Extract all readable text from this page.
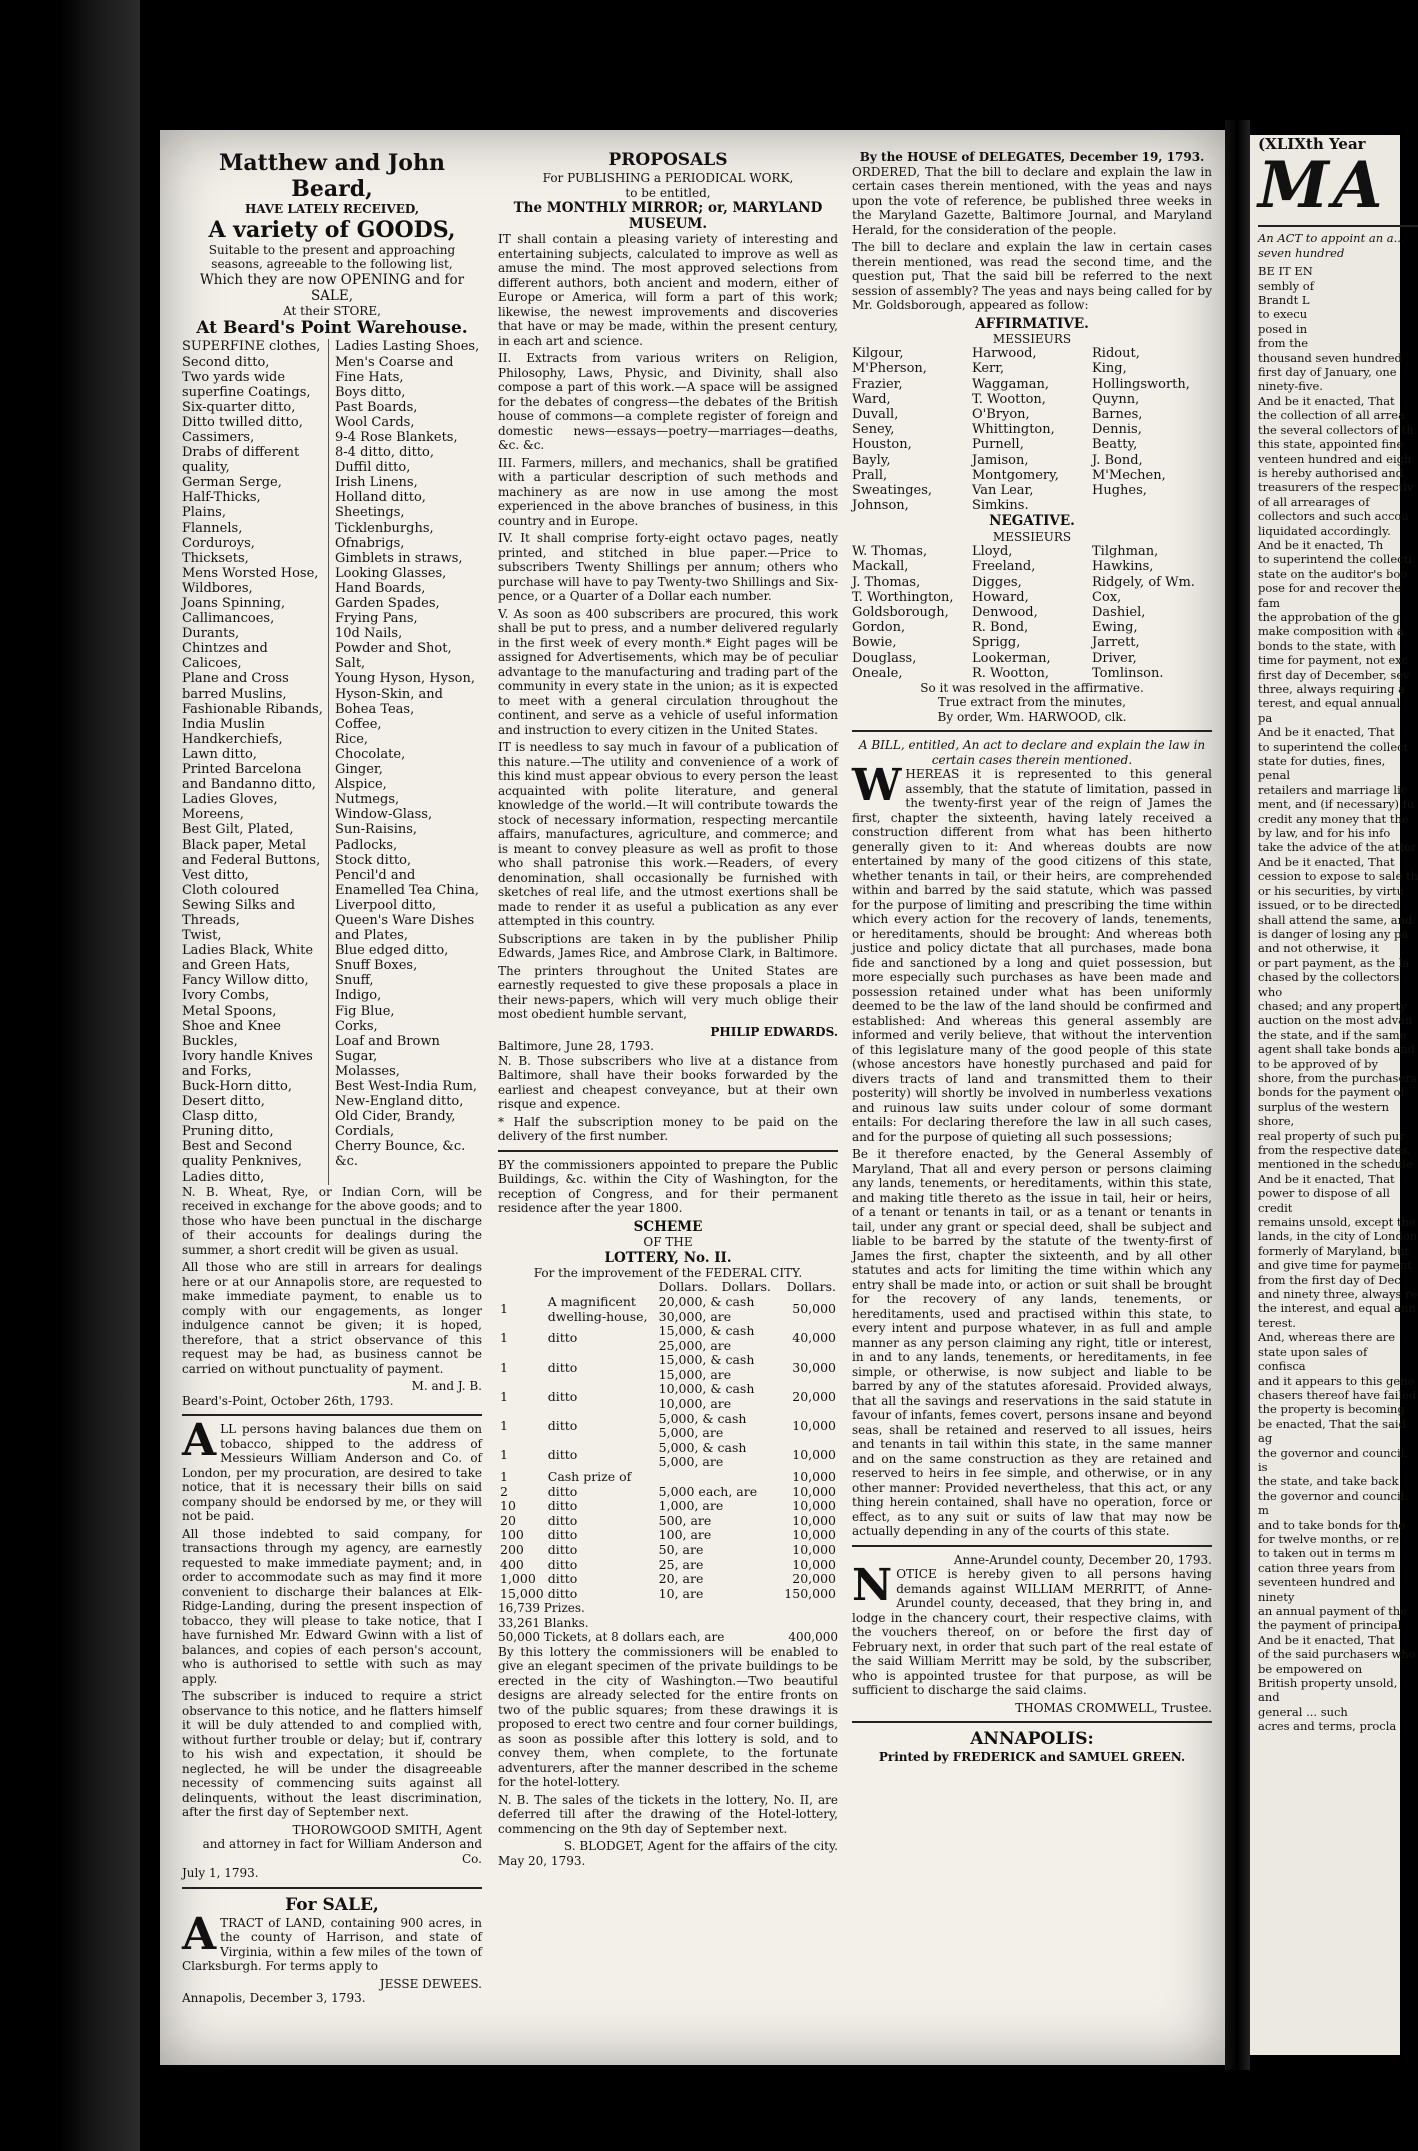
Matthew and John Beard,
HAVE LATELY RECEIVED,
A variety of GOODS,
Suitable to the present and approaching seasons, agreeable to the following list,
Which they are now OPENING and for SALE,
At their STORE,
At Beard's Point Warehouse.
SUPERFINE clothes,
Second ditto,
Two yards wide superfine Coatings,
Six-quarter ditto,
Ditto twilled ditto,
Cassimers,
Drabs of different quality,
German Serge,
Half-Thicks,
Plains,
Flannels,
Corduroys,
Thicksets,
Mens Worsted Hose,
Wildbores,
Joans Spinning,
Callimancoes,
Durants,
Chintzes and Calicoes,
Plane and Cross barred Muslins,
Fashionable Ribands,
India Muslin Handkerchiefs,
Lawn ditto,
Printed Barcelona and Bandanno ditto,
Ladies Gloves,
Moreens,
Best Gilt, Plated, Black paper, Metal and Federal Buttons,
Vest ditto,
Cloth coloured Sewing Silks and Threads,
Twist,
Ladies Black, White and Green Hats,
Fancy Willow ditto,
Ivory Combs,
Metal Spoons,
Shoe and Knee Buckles,
Ivory handle Knives and Forks,
Buck-Horn ditto,
Desert ditto,
Clasp ditto,
Pruning ditto,
Best and Second quality Penknives,
Ladies ditto,
Ladies Lasting Shoes,
Men's Coarse and Fine Hats,
Boys ditto,
Past Boards,
Wool Cards,
9-4 Rose Blankets,
8-4 ditto, ditto,
Duffil ditto,
Irish Linens,
Holland ditto,
Sheetings,
Ticklenburghs,
Ofnabrigs,
Gimblets in straws,
Looking Glasses,
Hand Boards,
Garden Spades,
Frying Pans,
10d Nails,
Powder and Shot,
Salt,
Young Hyson, Hyson, Hyson-Skin, and Bohea Teas,
Coffee,
Rice,
Chocolate,
Ginger,
Alspice,
Nutmegs,
Window-Glass,
Sun-Raisins,
Padlocks,
Stock ditto,
Pencil'd and Enamelled Tea China,
Liverpool ditto,
Queen's Ware Dishes and Plates,
Blue edged ditto,
Snuff Boxes,
Snuff,
Indigo,
Fig Blue,
Corks,
Loaf and Brown Sugar,
Molasses,
Best West-India Rum,
New-England ditto,
Old Cider, Brandy,
Cordials,
Cherry Bounce, &c. &c.

N. B. Wheat, Rye, or Indian Corn, will be received in exchange for the above goods; and to those who have been punctual in the discharge of their accounts for dealings during the summer, a short credit will be given as usual.

All those who are still in arrears for dealings here or at our Annapolis store, are requested to make immediate payment, to enable us to comply with our engagements, as longer indulgence cannot be given; it is hoped, therefore, that a strict observance of this request may be had, as business cannot be carried on without punctuality of payment.

M. and J. B.
Beard's-Point, October 26th, 1793.
A LL persons having balances due them on tobacco, shipped to the address of Messieurs William Anderson and Co. of London, per my procuration, are desired to take notice, that it is necessary their bills on said company should be endorsed by me, or they will not be paid.

All those indebted to said company, for transactions through my agency, are earnestly requested to make immediate payment; and, in order to accommodate such as may find it more convenient to discharge their balances at Elk-Ridge-Landing, during the present inspection of tobacco, they will please to take notice, that I have furnished Mr. Edward Gwinn with a list of balances, and copies of each person's account, who is authorised to settle with such as may apply.

The subscriber is induced to require a strict observance to this notice, and he flatters himself it will be duly attended to and complied with, without further trouble or delay; but if, contrary to his wish and expectation, it should be neglected, he will be under the disagreeable necessity of commencing suits against all delinquents, without the least discrimination, after the first day of September next.

THOROWGOOD SMITH, Agent
and attorney in fact for William Anderson and Co.
July 1, 1793.
For SALE,
A TRACT of LAND, containing 900 acres, in the county of Harrison, and state of Virginia, within a few miles of the town of Clarksburgh. For terms apply to

JESSE DEWEES.
Annapolis, December 3, 1793.
PROPOSALS
For PUBLISHING a PERIODICAL WORK,
to be entitled,
The MONTHLY MIRROR; or, MARYLAND MUSEUM.

IT shall contain a pleasing variety of interesting and entertaining subjects, calculated to improve as well as amuse the mind. The most approved selections from different authors, both ancient and modern, either of Europe or America, will form a part of this work; likewise, the newest improvements and discoveries that have or may be made, within the present century, in each art and science.

II. Extracts from various writers on Religion, Philosophy, Laws, Physic, and Divinity, shall also compose a part of this work.—A space will be assigned for the debates of congress—the debates of the British house of commons—a complete register of foreign and domestic news—essays—poetry—marriages—deaths, &c. &c.

III. Farmers, millers, and mechanics, shall be gratified with a particular description of such methods and machinery as are now in use among the most experienced in the above branches of business, in this country and in Europe.

IV. It shall comprise forty-eight octavo pages, neatly printed, and stitched in blue paper.—Price to subscribers Twenty Shillings per annum; others who purchase will have to pay Twenty-two Shillings and Six-pence, or a Quarter of a Dollar each number.

V. As soon as 400 subscribers are procured, this work shall be put to press, and a number delivered regularly in the first week of every month.* Eight pages will be assigned for Advertisements, which may be of peculiar advantage to the manufacturing and trading part of the community in every state in the union; as it is expected to meet with a general circulation throughout the continent, and serve as a vehicle of useful information and instruction to every citizen in the United States.

IT is needless to say much in favour of a publication of this nature.—The utility and convenience of a work of this kind must appear obvious to every person the least acquainted with polite literature, and general knowledge of the world.—It will contribute towards the stock of necessary information, respecting mercantile affairs, manufactures, agriculture, and commerce; and is meant to convey pleasure as well as profit to those who shall patronise this work.—Readers, of every denomination, shall occasionally be furnished with sketches of real life, and the utmost exertions shall be made to render it as useful a publication as any ever attempted in this country.

Subscriptions are taken in by the publisher Philip Edwards, James Rice, and Ambrose Clark, in Baltimore.

The printers throughout the United States are earnestly requested to give these proposals a place in their news-papers, which will very much oblige their most obedient humble servant,

PHILIP EDWARDS.
Baltimore, June 28, 1793.

N. B. Those subscribers who live at a distance from Baltimore, shall have their books forwarded by the earliest and cheapest conveyance, but at their own risque and expence.

* Half the subscription money to be paid on the delivery of the first number.

BY the commissioners appointed to prepare the Public Buildings, &c. within the City of Washington, for the reception of Congress, and for their permanent residence after the year 1800.

SCHEME
OF THE
LOTTERY, No. II.
For the improvement of the FEDERAL CITY.
		Dollars.	Dollars.	Dollars.
1	A magnificent dwelling-house,	20,000, & cash 30,000, are		50,000
1	ditto	15,000, & cash 25,000, are		40,000
1	ditto	15,000, & cash 15,000, are		30,000
1	ditto	10,000, & cash 10,000, are		20,000
1	ditto	5,000, & cash 5,000, are		10,000
1	ditto	5,000, & cash 5,000, are		10,000
1	Cash prize of			10,000
2	ditto	5,000 each, are		10,000
10	ditto	1,000, are		10,000
20	ditto	500, are		10,000
100	ditto	100, are		10,000
200	ditto	50, are		10,000
400	ditto	25, are		10,000
1,000	ditto	20, are		20,000
15,000	ditto	10, are		150,000
16,739 Prizes.
33,261 Blanks.
50,000 Tickets, at 8 dollars each, are	400,000

By this lottery the commissioners will be enabled to give an elegant specimen of the private buildings to be erected in the city of Washington.—Two beautiful designs are already selected for the entire fronts on two of the public squares; from these drawings it is proposed to erect two centre and four corner buildings, as soon as possible after this lottery is sold, and to convey them, when complete, to the fortunate adventurers, after the manner described in the scheme for the hotel-lottery.

N. B. The sales of the tickets in the lottery, No. II, are deferred till after the drawing of the Hotel-lottery, commencing on the 9th day of September next.

S. BLODGET, Agent for the affairs of the city.
May 20, 1793.
By the HOUSE of DELEGATES, December 19, 1793.

ORDERED, That the bill to declare and explain the law in certain cases therein mentioned, with the yeas and nays upon the vote of reference, be published three weeks in the Maryland Gazette, Baltimore Journal, and Maryland Herald, for the consideration of the people.

The bill to declare and explain the law in certain cases therein mentioned, was read the second time, and the question put, That the said bill be referred to the next session of assembly? The yeas and nays being called for by Mr. Goldsborough, appeared as follow:

AFFIRMATIVE.
MESSIEURS
Kilgour,	Harwood,	Ridout,
M'Pherson,	Kerr,	King,
Frazier,	Waggaman,	Hollingsworth,
Ward,	T. Wootton,	Quynn,
Duvall,	O'Bryon,	Barnes,
Seney,	Whittington,	Dennis,
Houston,	Purnell,	Beatty,
Bayly,	Jamison,	J. Bond,
Prall,	Montgomery,	M'Mechen,
Sweatinges,	Van Lear,	Hughes,
Johnson,	Simkins.
NEGATIVE.
MESSIEURS
W. Thomas,	Lloyd,	Tilghman,
Mackall,	Freeland,	Hawkins,
J. Thomas,	Digges,	Ridgely, of Wm.
T. Worthington,	Howard,	Cox,
Goldsborough,	Denwood,	Dashiel,
Gordon,	R. Bond,	Ewing,
Bowie,	Sprigg,	Jarrett,
Douglass,	Lookerman,	Driver,
Oneale,	R. Wootton,	Tomlinson.
So it was resolved in the affirmative.
True extract from the minutes,
By order, Wm. HARWOOD, clk.
A BILL, entitled, An act to declare and explain the law in certain cases therein mentioned.
W HEREAS it is represented to this general assembly, that the statute of limitation, passed in the twenty-first year of the reign of James the first, chapter the sixteenth, having lately received a construction different from what has been hitherto generally given to it: And whereas doubts are now entertained by many of the good citizens of this state, whether tenants in tail, or their heirs, are comprehended within and barred by the said statute, which was passed for the purpose of limiting and prescribing the time within which every action for the recovery of lands, tenements, or hereditaments, should be brought: And whereas both justice and policy dictate that all purchases, made bona fide and sanctioned by a long and quiet possession, but more especially such purchases as have been made and possession retained under what has been uniformly deemed to be the law of the land should be confirmed and established: And whereas this general assembly are informed and verily believe, that without the intervention of this legislature many of the good people of this state (whose ancestors have honestly purchased and paid for divers tracts of land and transmitted them to their posterity) will shortly be involved in numberless vexations and ruinous law suits under colour of some dormant entails: For declaring therefore the law in all such cases, and for the purpose of quieting all such possessions;

Be it therefore enacted, by the General Assembly of Maryland, That all and every person or persons claiming any lands, tenements, or hereditaments, within this state, and making title thereto as the issue in tail, heir or heirs, of a tenant or tenants in tail, or as a tenant or tenants in tail, under any grant or special deed, shall be subject and liable to be barred by the statute of the twenty-first of James the first, chapter the sixteenth, and by all other statutes and acts for limiting the time within which any entry shall be made into, or action or suit shall be brought for the recovery of any lands, tenements, or hereditaments, used and practised within this state, to every intent and purpose whatever, in as full and ample manner as any person claiming any right, title or interest, in and to any lands, tenements, or hereditaments, in fee simple, or otherwise, is now subject and liable to be barred by any of the statutes aforesaid. Provided always, that all the savings and reservations in the said statute in favour of infants, femes covert, persons insane and beyond seas, shall be retained and reserved to all issues, heirs and tenants in tail within this state, in the same manner and on the same construction as they are retained and reserved to heirs in fee simple, and otherwise, or in any other manner: Provided nevertheless, that this act, or any thing herein contained, shall have no operation, force or effect, as to any suit or suits of law that may now be actually depending in any of the courts of this state.

Anne-Arundel county, December 20, 1793.
N OTICE is hereby given to all persons having demands against WILLIAM MERRITT, of Anne-Arundel county, deceased, that they bring in, and lodge in the chancery court, their respective claims, with the vouchers thereof, on or before the first day of February next, in order that such part of the real estate of the said William Merritt may be sold, by the subscriber, who is appointed trustee for that purpose, as will be sufficient to discharge the said claims.

THOMAS CROMWELL, Trustee.
ANNAPOLIS:
Printed by FREDERICK and SAMUEL GREEN.
(XLIXth Year
MA
An ACT to appoint an a... seven hundred
BE IT EN
sembly of
Brandt L
to execu
posed in
from the
thousand seven hundred
first day of January, one
ninety-five.
And be it enacted, That
the collection of all arrea
the several collectors of th
this state, appointed fine
venteen hundred and eigh
is hereby authorised and
treasurers of the respectiv
of all arrearages of
collectors and such accou
liquidated accordingly.
And be it enacted, Th
to superintend the collecti
state on the auditor's boo
pose for and recover the fam
the approbation of the g
make composition with a
bonds to the state, with
time for payment, not exc
first day of December, sev
three, always requiring a
terest, and equal annual pa
And be it enacted, That
to superintend the collect
state for duties, fines, penal
retailers and marriage lic
ment, and (if necessary) fu
credit any money that the
by law, and for his info
take the advice of the attor
And be it enacted, That
cession to expose to sale th
or his securities, by virtu
issued, or to be directed
shall attend the same, and
is danger of losing any pa
and not otherwise, it
or part payment, as the la
chased by the collectors who
chased; and any property
auction on the most advan
the state, and if the same
agent shall take bonds and
to be approved of by
shore, from the purchasers
bonds for the payment of
surplus of the western shore,
real property of such pur
from the respective dates,
mentioned in the schedule
And be it enacted, That
power to dispose of all credit
remains unsold, except the
lands, in the city of London
formerly of Maryland, but
and give time for payment
from the first day of Dec
and ninety three, always re
the interest, and equal ann
terest.
And, whereas there are
state upon sales of confisca
and it appears to this gene
chasers thereof have failed
the property is becoming
be enacted, That the said ag
the governor and council, is
the state, and take back
the governor and council, m
and to take bonds for the
for twelve months, or re
to taken out in terms m
cation three years from
seventeen hundred and ninety
an annual payment of the
the payment of principal
And be it enacted, That
of the said purchasers who
be empowered on
British property unsold, and
general ... such
acres and terms, procla
